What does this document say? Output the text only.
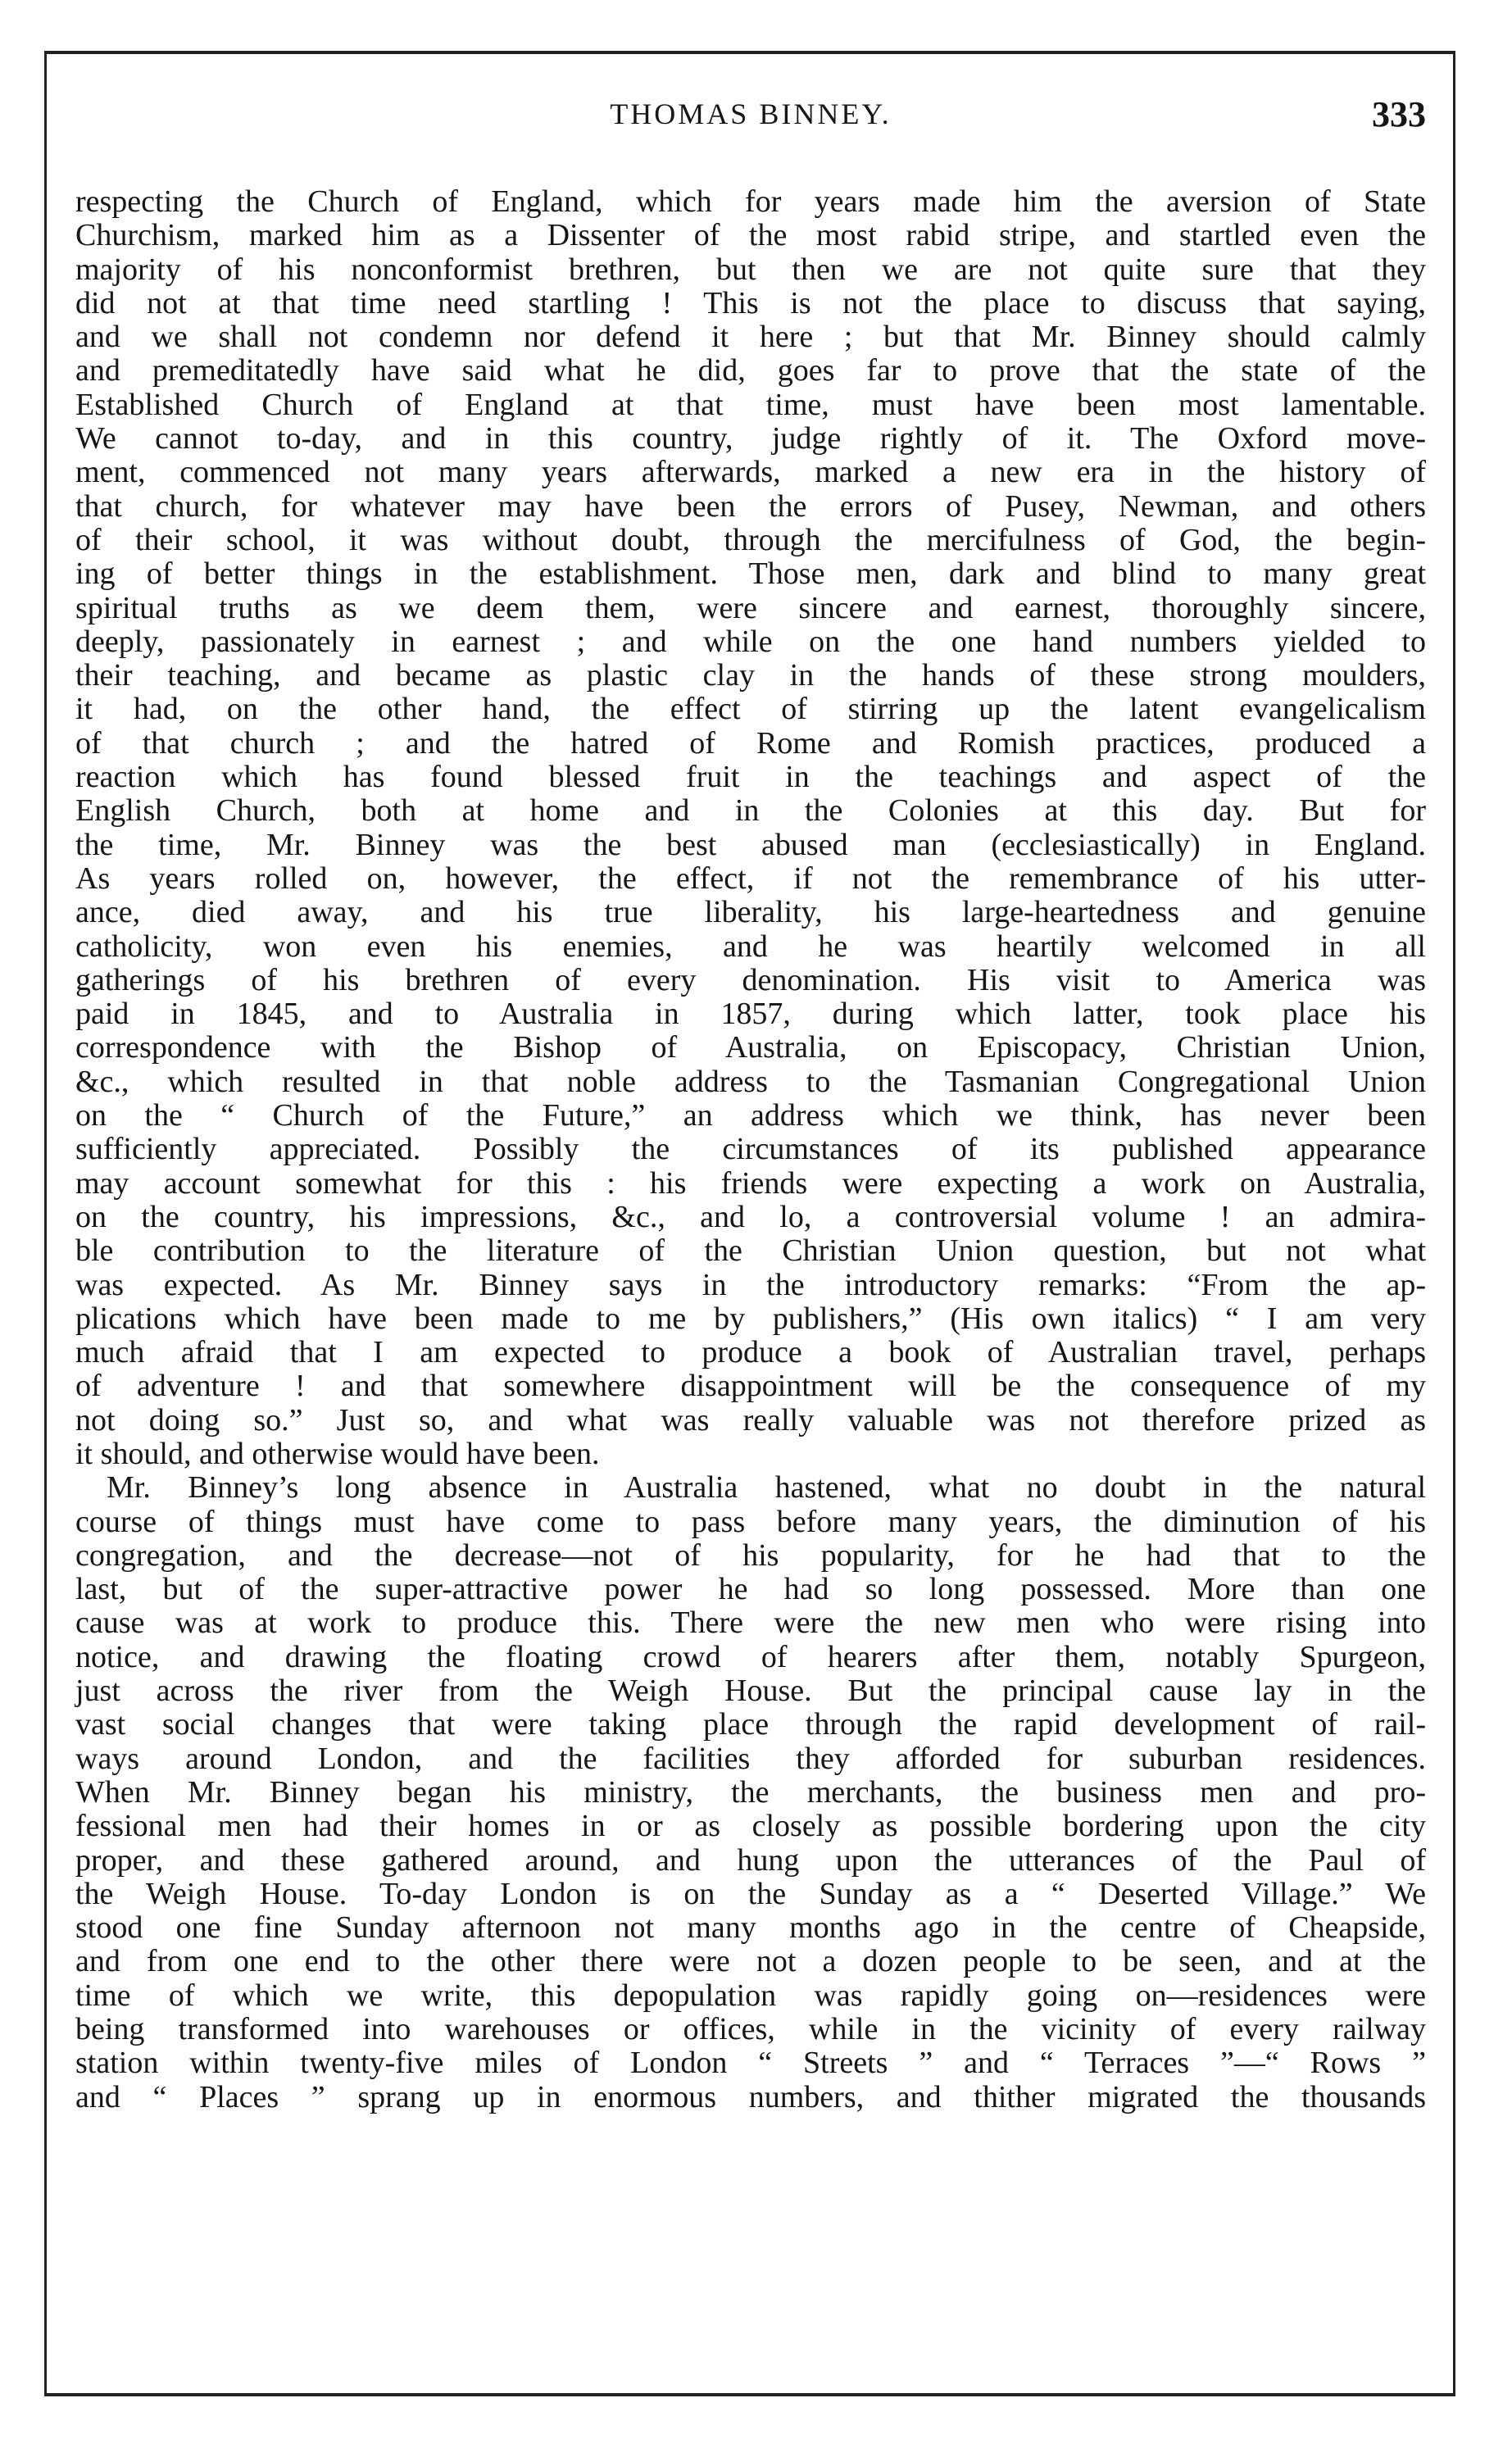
THOMAS BINNEY.	333
respecting the Church of England, which for years made him the aversion of State
Churchism, marked him as a Dissenter of the most rabid stripe, and startled even the
majority of his nonconformist brethren, but then we are not quite sure that they
did not at that time need startling ! This is not the place to discuss that saying,
and we shall not condemn nor defend it here ; but that Mr. Binney should calmly
and premeditatedly have said what he did, goes far to prove that the state of the
Established Church of England at that time, must have been most lamentable.
We cannot to-day, and in this country, judge rightly of it. The Oxford move-
ment, commenced not many years afterwards, marked a new era in the history of
that church, for whatever may have been the errors of Pusey, Newman, and others
of their school, it was without doubt, through the mercifulness of God, the begin-
ing of better things in the establishment. Those men, dark and blind to many great
spiritual truths as we deem them, were sincere and earnest, thoroughly sincere,
deeply, passionately in earnest ; and while on the one hand numbers yielded to
their teaching, and became as plastic clay in the hands of these strong moulders,
it had, on the other hand, the effect of stirring up the latent evangelicalism
of that church ; and the hatred of Rome and Romish practices, produced a
reaction which has found blessed fruit in the teachings and aspect of the
English Church, both at home and in the Colonies at this day. But for
the time, Mr. Binney was the best abused man (ecclesiastically) in England.
As years rolled on, however, the effect, if not the remembrance of his utter-
ance, died away, and his true liberality, his large-heartedness and genuine
catholicity, won even his enemies, and he was heartily welcomed in all
gatherings of his brethren of every denomination. His visit to America was
paid in 1845, and to Australia in 1857, during which latter, took place his
correspondence with the Bishop of Australia, on Episcopacy, Christian Union,
&c., which resulted in that noble address to the Tasmanian Congregational Union
on the “ Church of the Future,” an address which we think, has never been
sufficiently appreciated. Possibly the circumstances of its published appearance
may account somewhat for this : his friends were expecting a work on Australia,
on the country, his impressions, &c., and lo, a controversial volume ! an admira-
ble contribution to the literature of the Christian Union question, but not what
was expected. As Mr. Binney says in the introductory remarks: “From the ap-
plications which have been made to me by publishers,” (His own italics) “ I am very
much afraid that I am expected to produce a book of Australian travel, perhaps
of adventure ! and that somewhere disappointment will be the consequence of my
not doing so.” Just so, and what was really valuable was not therefore prized as
it should, and otherwise would have been.
Mr. Binney’s long absence in Australia hastened, what no doubt in the natural
course of things must have come to pass before many years, the diminution of his
congregation, and the decrease—not of his popularity, for he had that to the
last, but of the super-attractive power he had so long possessed. More than one
cause was at work to produce this. There were the new men who were rising into
notice, and drawing the floating crowd of hearers after them, notably Spurgeon,
just across the river from the Weigh House. But the principal cause lay in the
vast social changes that were taking place through the rapid development of rail-
ways around London, and the facilities they afforded for suburban residences.
When Mr. Binney began his ministry, the merchants, the business men and pro-
fessional men had their homes in or as closely as possible bordering upon the city
proper, and these gathered around, and hung upon the utterances of the Paul of
the Weigh House. To-day London is on the Sunday as a “ Deserted Village.” We
stood one fine Sunday afternoon not many months ago in the centre of Cheapside,
and from one end to the other there were not a dozen people to be seen, and at the
time of which we write, this depopulation was rapidly going on—residences were
being transformed into warehouses or offices, while in the vicinity of every railway
station within twenty-five miles of London “ Streets ” and “ Terraces ”—“ Rows ”
and “ Places ” sprang up in enormous numbers, and thither migrated the thousands
